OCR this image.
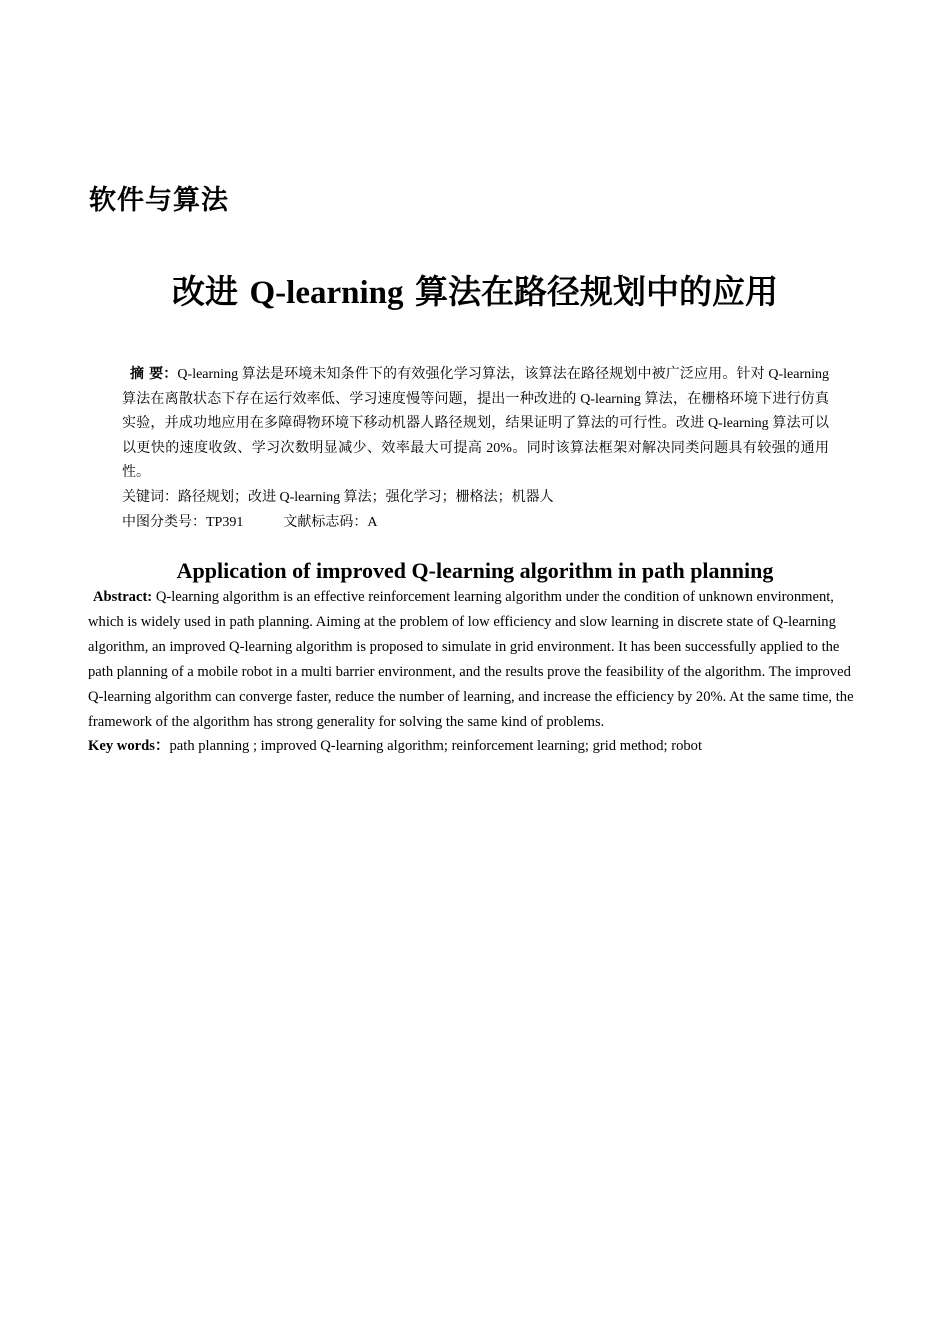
软件与算法
改进 Q-learning 算法在路径规划中的应用
摘 要：Q-learning 算法是环境未知条件下的有效强化学习算法，该算法在路径规划中被广泛应用。针对 Q-learning 算法在离散状态下存在运行效率低、学习速度慢等问题，提出一种改进的 Q-learning 算法，在栅格环境下进行仿真实验，并成功地应用在多障碍物环境下移动机器人路径规划，结果证明了算法的可行性。改进 Q-learning 算法可以以更快的速度收敛、学习次数明显减少、效率最大可提高 20%。同时该算法框架对解决同类问题具有较强的通用性。
关键词：路径规划；改进 Q-learning 算法；强化学习；栅格法；机器人
中图分类号：TP391	文献标志码：A
Application of improved Q-learning algorithm in path planning
Abstract: Q-learning algorithm is an effective reinforcement learning algorithm under the condition of unknown environment, which is widely used in path planning. Aiming at the problem of low efficiency and slow learning in discrete state of Q-learning algorithm, an improved Q-learning algorithm is proposed to simulate in grid environment. It has been successfully applied to the path planning of a mobile robot in a multi barrier environment, and the results prove the feasibility of the algorithm. The improved Q-learning algorithm can converge faster, reduce the number of learning, and increase the efficiency by 20%. At the same time, the framework of the algorithm has strong generality for solving the same kind of problems.
Key words：path planning ; improved Q-learning algorithm; reinforcement learning; grid method; robot
